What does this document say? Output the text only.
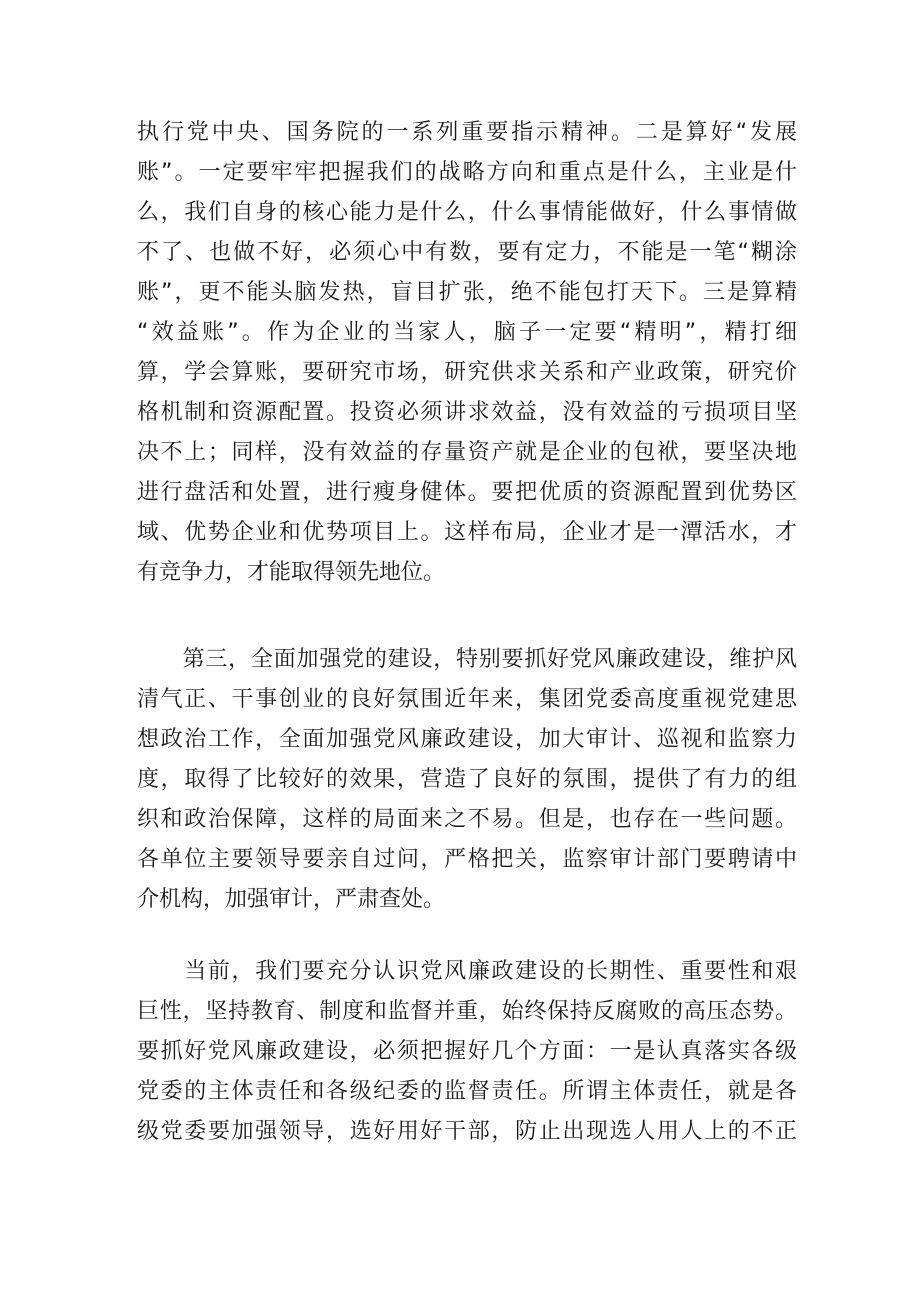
执行党中央、国务院的一系列重要指示精神。二是算好“发展
账”。一定要牢牢把握我们的战略方向和重点是什么，主业是什
么，我们自身的核心能力是什么，什么事情能做好，什么事情做
不了、也做不好，必须心中有数，要有定力，不能是一笔“糊涂
账”，更不能头脑发热，盲目扩张，绝不能包打天下。三是算精
“效益账”。作为企业的当家人，脑子一定要“精明”，精打细
算，学会算账，要研究市场，研究供求关系和产业政策，研究价
格机制和资源配置。投资必须讲求效益，没有效益的亏损项目坚
决不上；同样，没有效益的存量资产就是企业的包袱，要坚决地
进行盘活和处置，进行瘦身健体。要把优质的资源配置到优势区
域、优势企业和优势项目上。这样布局，企业才是一潭活水，才
有竞争力，才能取得领先地位。
　　第三，全面加强党的建设，特别要抓好党风廉政建设，维护风
清气正、干事创业的良好氛围近年来，集团党委高度重视党建思
想政治工作，全面加强党风廉政建设，加大审计、巡视和监察力
度，取得了比较好的效果，营造了良好的氛围，提供了有力的组
织和政治保障，这样的局面来之不易。但是，也存在一些问题。
各单位主要领导要亲自过问，严格把关，监察审计部门要聘请中
介机构，加强审计，严肃查处。
　　当前，我们要充分认识党风廉政建设的长期性、重要性和艰
巨性，坚持教育、制度和监督并重，始终保持反腐败的高压态势。
要抓好党风廉政建设，必须把握好几个方面：一是认真落实各级
党委的主体责任和各级纪委的监督责任。所谓主体责任，就是各
级党委要加强领导，选好用好干部，防止出现选人用人上的不正
